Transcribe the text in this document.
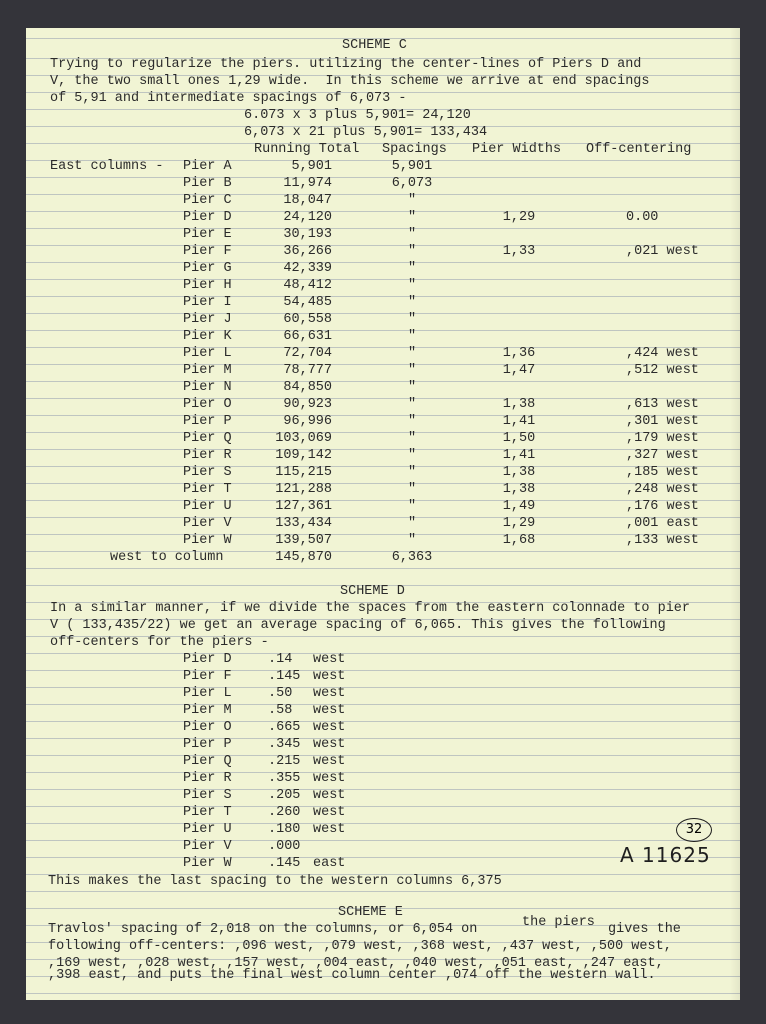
SCHEME C
Trying to regularize the piers. utilizing the center-lines of Piers D and
V, the two small ones 1,29 wide.  In this scheme we arrive at end spacings
of 5,91 and intermediate spacings of 6,073 -
6.073 x 3 plus 5,901= 24,120
6,073 x 21 plus 5,901= 133,434
Running Total Spacings Pier Widths Off-centering
East columns - Pier A	5,901	5,901
Pier B	11,974	6,073
Pier C	18,047	"
Pier D	24,120	"	1,29	0.00
Pier E	30,193	"
Pier F	36,266	"	1,33	,021 west
Pier G	42,339	"
Pier H	48,412	"
Pier I	54,485	"
Pier J	60,558	"
Pier K	66,631	"
Pier L	72,704	"	1,36	,424 west
Pier M	78,777	"	1,47	,512 west
Pier N	84,850	"
Pier O	90,923	"	1,38	,613 west
Pier P	96,996	"	1,41	,301 west
Pier Q	103,069	"	1,50	,179 west
Pier R	109,142	"	1,41	,327 west
Pier S	115,215	"	1,38	,185 west
Pier T	121,288	"	1,38	,248 west
Pier U	127,361	"	1,49	,176 west
Pier V	133,434	"	1,29	,001 east
Pier W	139,507	"	1,68	,133 west
west to column	145,870	6,363
SCHEME D
In a similar manner, if we divide the spaces from the eastern colonnade to pier
V ( 133,435/22) we get an average spacing of 6,065. This gives the following
off-centers for the piers -
Pier D	.14 west
Pier F	.145 west
Pier L	.50 west
Pier M	.58 west
Pier O	.665 west
Pier P	.345 west
Pier Q	.215 west
Pier R	.355 west
Pier S	.205 west
Pier T	.260 west
Pier U	.180 west
Pier V	.000
Pier W	.145 east
This makes the last spacing to the western columns 6,375
32
A 11625
SCHEME E
Travlos' spacing of 2,018 on the columns, or 6,054 on	the piers gives the
following off-centers: ,096 west, ,079 west, ,368 west, ,437 west, ,500 west,
,169 west, ,028 west, ,157 west, ,004 east, ,040 west, ,051 east, ,247 east,
,398 east, and puts the final west column center ,074 off the western wall.
